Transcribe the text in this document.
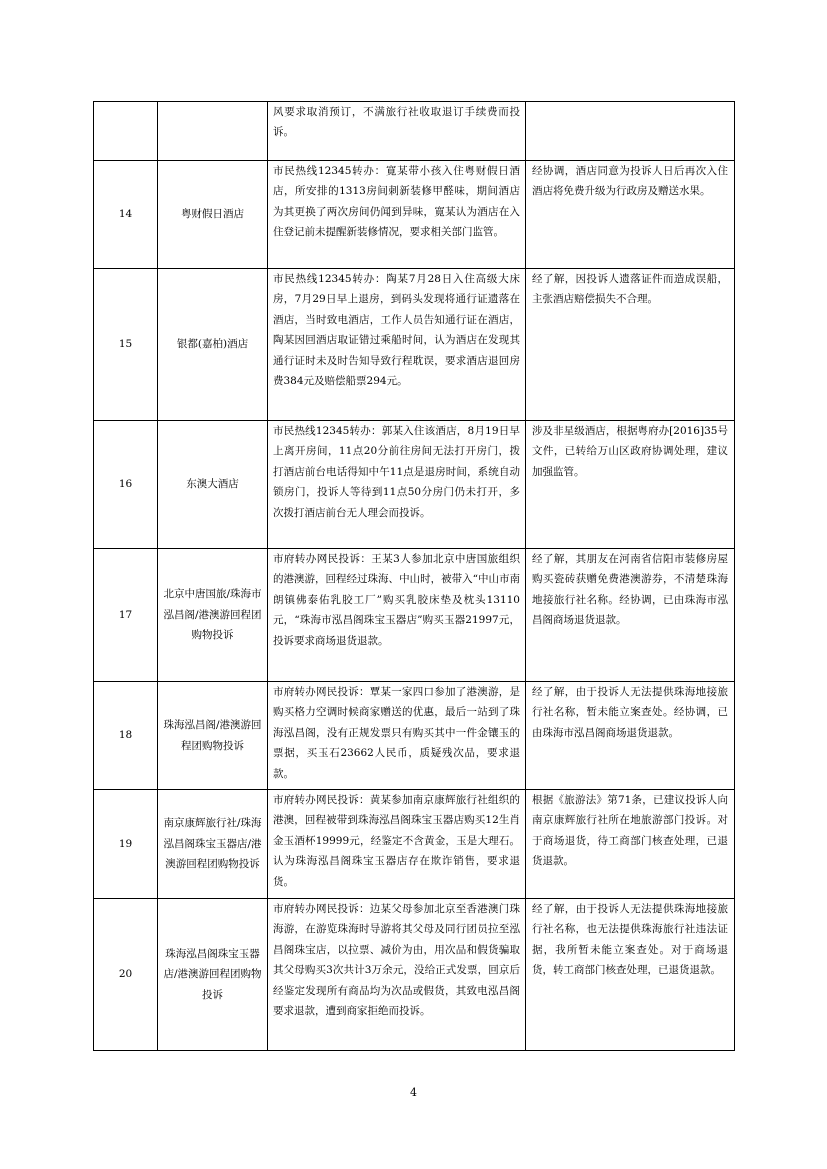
		风要求取消预订，不满旅行社收取退订手续费而投诉。	
14	粤财假日酒店	市民热线12345转办：寛某带小孩入住粤财假日酒店，所安排的1313房间刺新装修甲醛味，期间酒店为其更换了两次房间仍闻到异味，寛某认为酒店在入住登记前未提醒新装修情况，要求相关部门监管。	经协调，酒店同意为投诉人日后再次入住酒店将免费升级为行政房及赠送水果。
15	银都(嘉柏)酒店	市民热线12345转办：陶某7月28日入住高级大床房，7月29日早上退房，到码头发现将通行证遗落在酒店，当时致电酒店，工作人员告知通行证在酒店，陶某因回酒店取证错过乘船时间，认为酒店在发现其通行证时未及时告知导致行程耽误，要求酒店退回房费384元及赔偿船票294元。	经了解，因投诉人遗落证件而造成误船，主张酒店赔偿损失不合理。
16	东澳大酒店	市民热线12345转办：郭某入住该酒店，8月19日早上离开房间，11点20分前往房间无法打开房门，拨打酒店前台电话得知中午11点是退房时间，系统自动锁房门，投诉人等待到11点50分房门仍未打开，多次拨打酒店前台无人理会而投诉。	涉及非星级酒店，根据粤府办[2016]35号文件，已转给万山区政府协调处理，建议加强监管。
17	北京中唐国旅/珠海市泓昌阁/港澳游回程团购物投诉	市府转办网民投诉：王某3人参加北京中唐国旅组织的港澳游，回程经过珠海、中山时，被带入“中山市南朗镇佛泰佑乳胶工厂”购买乳胶床垫及枕头13110元，“珠海市泓昌阁珠宝玉器店”购买玉器21997元，投诉要求商场退货退款。	经了解，其朋友在河南省信阳市装修房屋购买瓷砖获赠免费港澳游券，不清楚珠海地接旅行社名称。经协调，已由珠海市泓昌阁商场退货退款。
18	珠海泓昌阁/港澳游回程团购物投诉	市府转办网民投诉：覃某一家四口参加了港澳游，是购买格力空调时候商家赠送的优惠，最后一站到了珠海泓昌阁，没有正规发票只有购买其中一件金镶玉的票据，买玉石23662人民币，质疑残次品，要求退款。	经了解，由于投诉人无法提供珠海地接旅行社名称，暂未能立案查处。经协调，已由珠海市泓昌阁商场退货退款。
19	南京康辉旅行社/珠海泓昌阁珠宝玉器店/港澳游回程团购物投诉	市府转办网民投诉：黄某参加南京康辉旅行社组织的港澳，回程被带到珠海泓昌阁珠宝玉器店购买12生肖金玉酒杯19999元，经鉴定不含黄金，玉是大理石。认为珠海泓昌阁珠宝玉器店存在欺诈销售，要求退货。	根据《旅游法》第71条，已建议投诉人向南京康辉旅行社所在地旅游部门投诉。对于商场退货，待工商部门核查处理，已退货退款。
20	珠海泓昌阁珠宝玉器店/港澳游回程团购物投诉	市府转办网民投诉：边某父母参加北京至香港澳门珠海游，在游览珠海时导游将其父母及同行团员拉至泓昌阁珠宝店，以拉票、减价为由，用次品和假货骗取其父母购买3次共计3万余元，没给正式发票，回京后经鉴定发现所有商品均为次品或假货，其致电泓昌阁要求退款，遭到商家拒绝而投诉。	经了解，由于投诉人无法提供珠海地接旅行社名称，也无法提供珠海旅行社违法证据，我所暂未能立案查处。对于商场退货，转工商部门核查处理，已退货退款。
4
